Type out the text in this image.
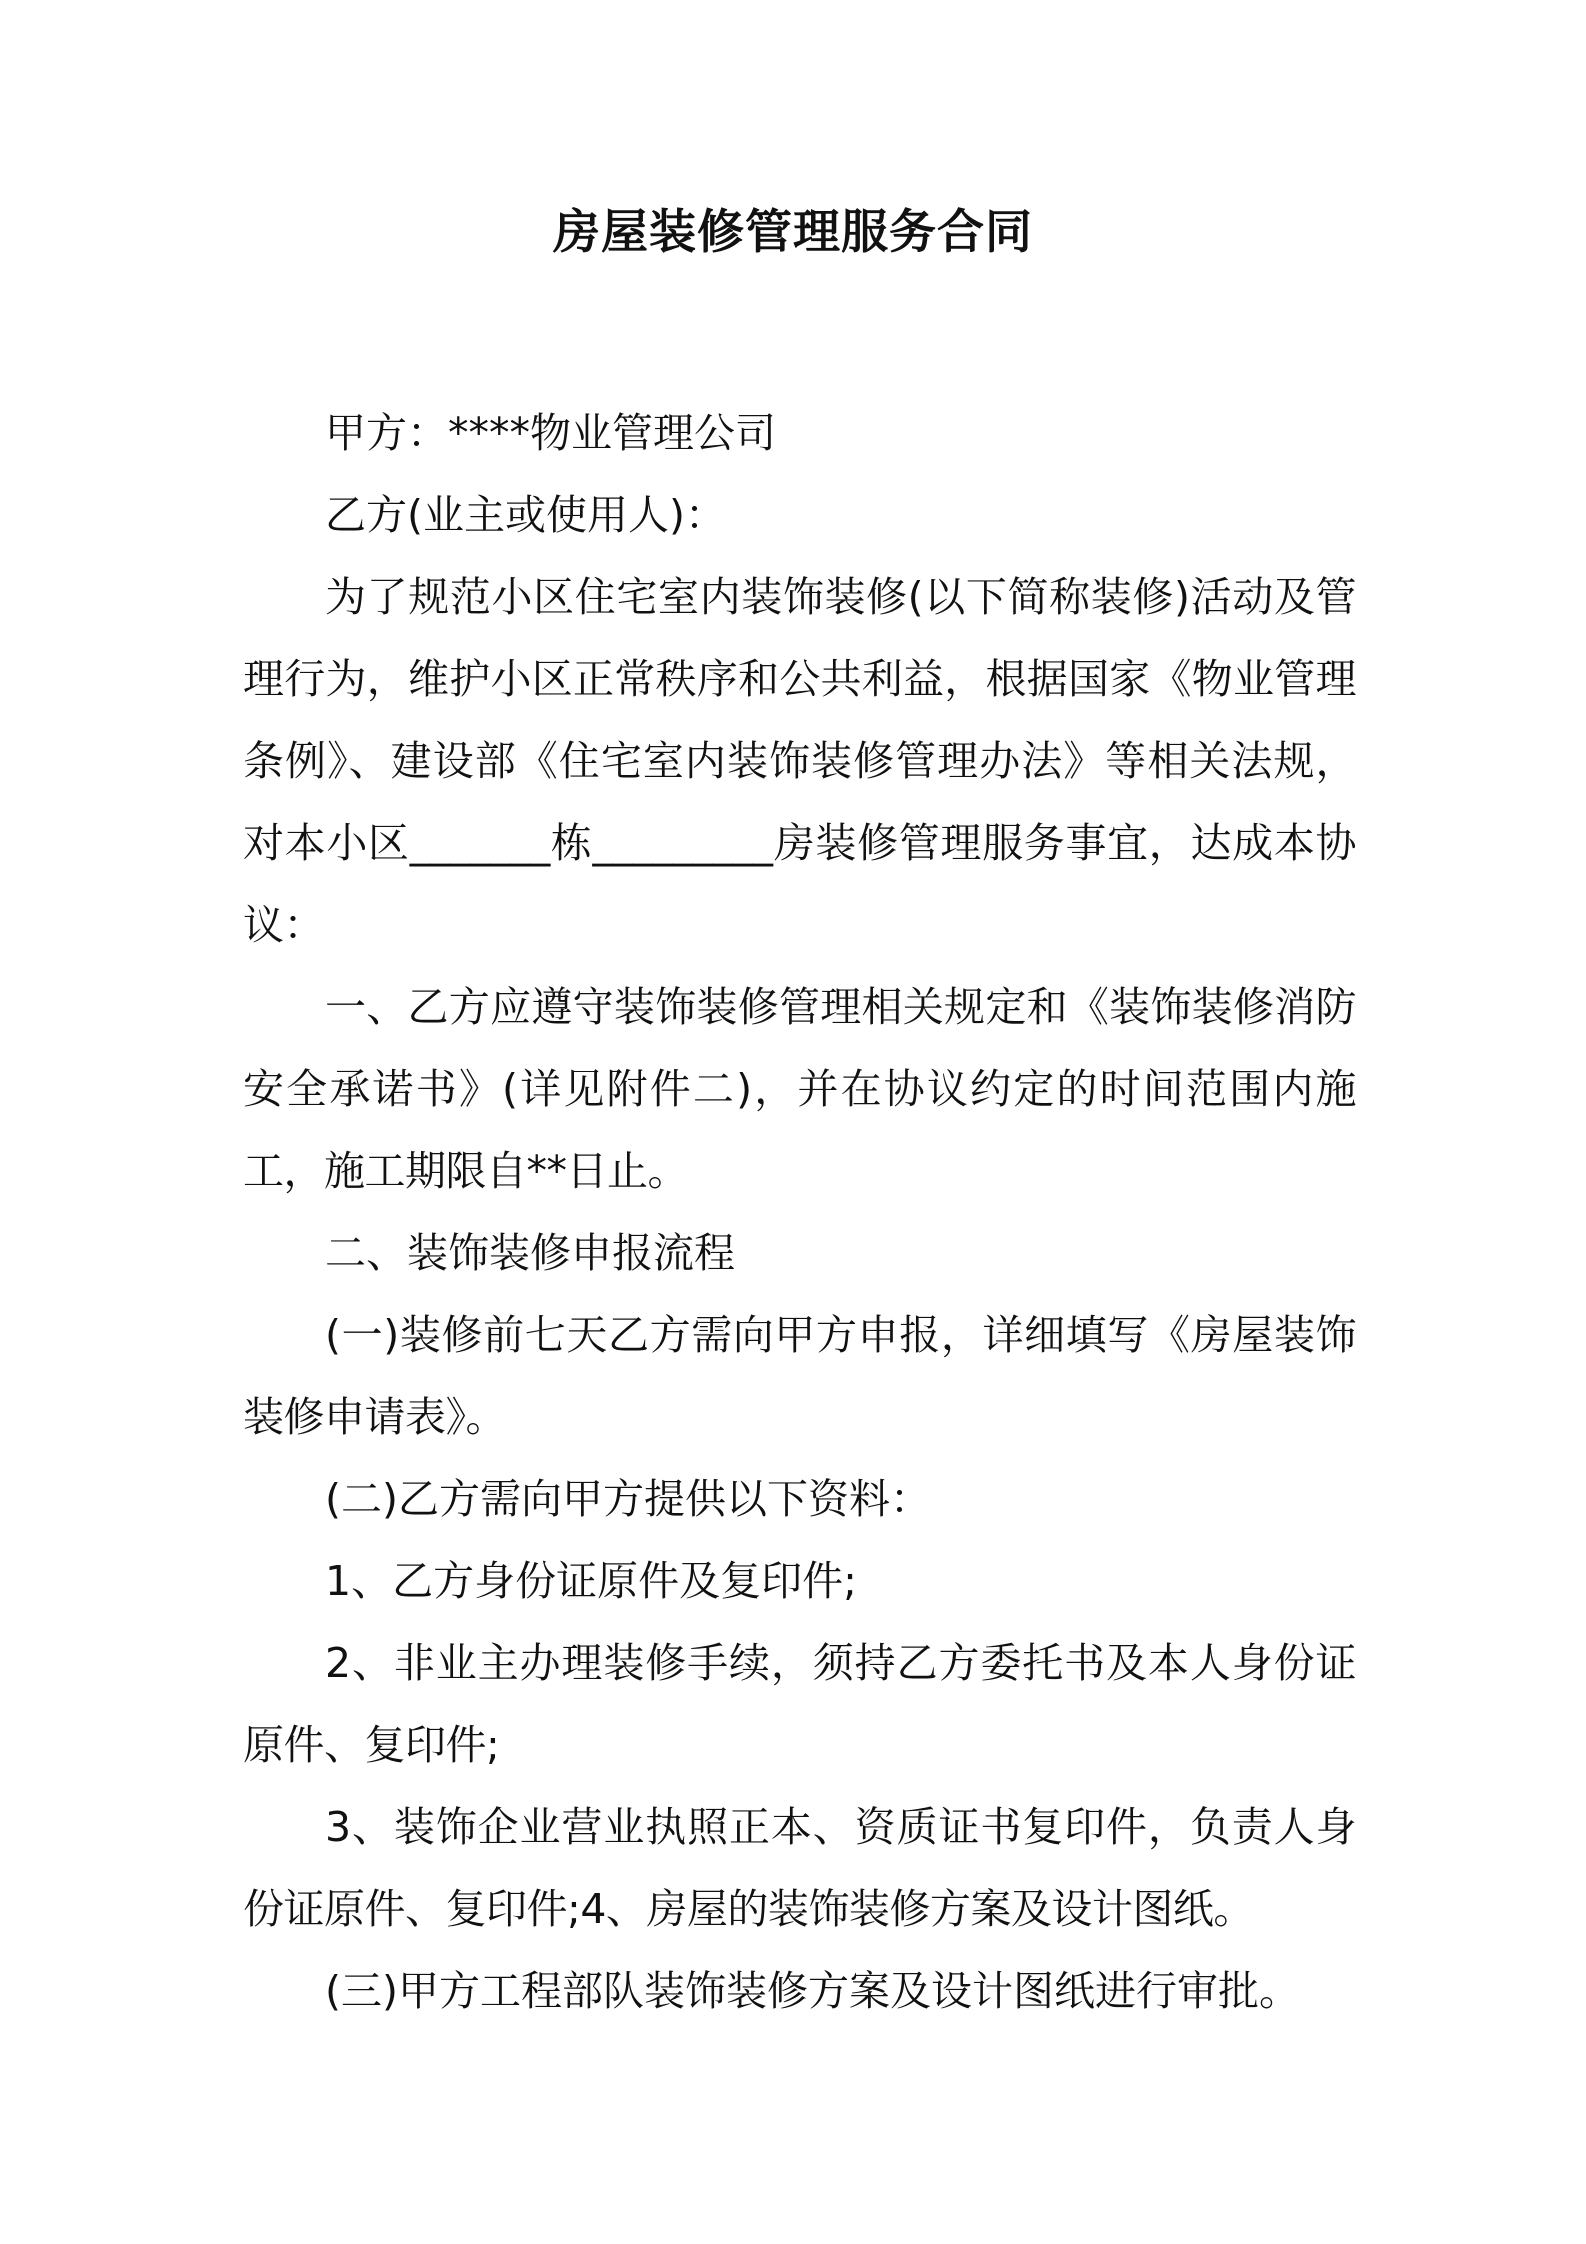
房屋装修管理服务合同

甲方：****物业管理公司

乙方(业主或使用人)：

为了规范小区住宅室内装饰装修(以下简称装修)活动及管理行为，维护小区正常秩序和公共利益，根据国家《物业管理条例》、建设部《住宅室内装饰装修管理办法》等相关法规，对本小区_______栋_________房装修管理服务事宜，达成本协议：

一、乙方应遵守装饰装修管理相关规定和《装饰装修消防安全承诺书》(详见附件二)，并在协议约定的时间范围内施工，施工期限自**日止。

二、装饰装修申报流程

(一)装修前七天乙方需向甲方申报，详细填写《房屋装饰装修申请表》。

(二)乙方需向甲方提供以下资料：

1、乙方身份证原件及复印件;

2、非业主办理装修手续，须持乙方委托书及本人身份证原件、复印件;

3、装饰企业营业执照正本、资质证书复印件，负责人身份证原件、复印件;4、房屋的装饰装修方案及设计图纸。

(三)甲方工程部队装饰装修方案及设计图纸进行审批。
